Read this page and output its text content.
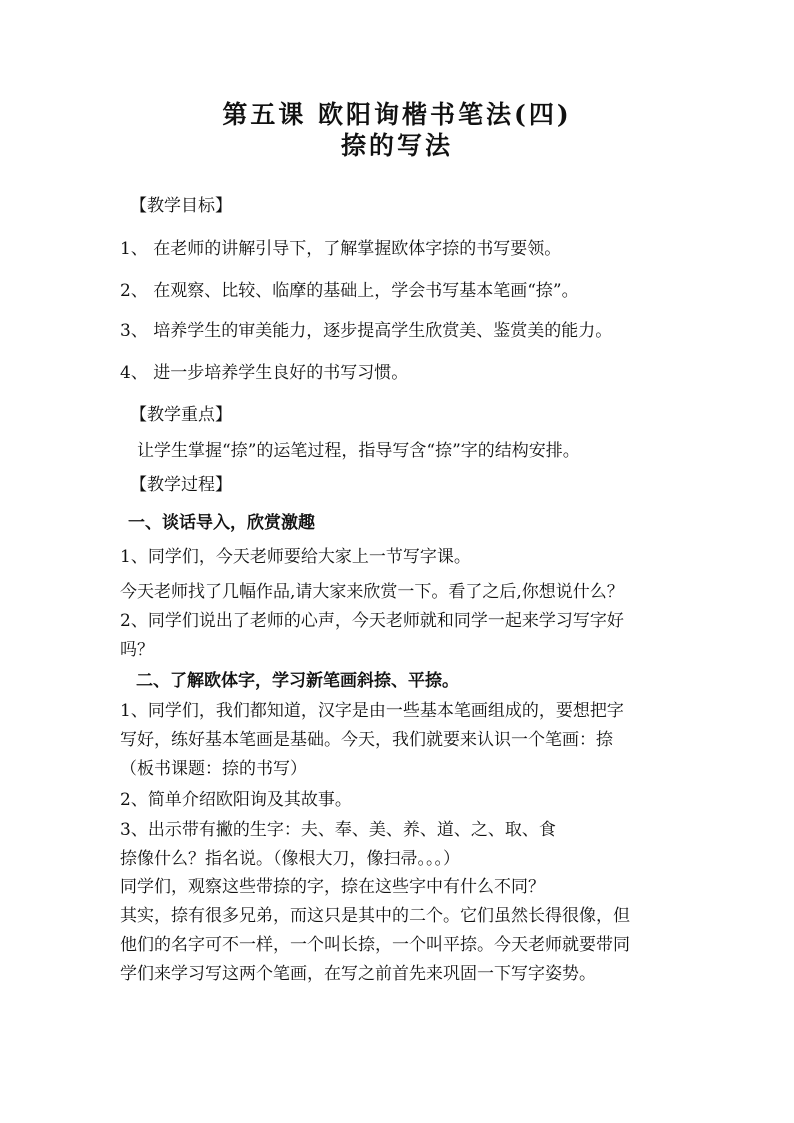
第五课 欧阳询楷书笔法(四)
捺的写法
【教学目标】
1、 在老师的讲解引导下，了解掌握欧体字捺的书写要领。
2、 在观察、比较、临摩的基础上，学会书写基本笔画“捺”。
3、 培养学生的审美能力，逐步提高学生欣赏美、鉴赏美的能力。
4、 进一步培养学生良好的书写习惯。
【教学重点】
让学生掌握“捺”的运笔过程，指导写含“捺”字的结构安排。
【教学过程】
一、谈话导入，欣赏激趣
1、同学们，今天老师要给大家上一节写字课。
今天老师找了几幅作品,请大家来欣赏一下。看了之后,你想说什么？
2、同学们说出了老师的心声，今天老师就和同学一起来学习写字好
吗？
二、了解欧体字，学习新笔画斜捺、平捺。
1、同学们，我们都知道，汉字是由一些基本笔画组成的，要想把字
写好，练好基本笔画是基础。今天，我们就要来认识一个笔画：捺
（板书课题：捺的书写）
2、简单介绍欧阳询及其故事。
3、出示带有撇的生字：夫、奉、美、养、道、之、取、食
捺像什么？指名说。（像根大刀，像扫帚。。。）
同学们，观察这些带捺的字，捺在这些字中有什么不同？
其实，捺有很多兄弟，而这只是其中的二个。它们虽然长得很像，但
他们的名字可不一样，一个叫长捺，一个叫平捺。今天老师就要带同
学们来学习写这两个笔画，在写之前首先来巩固一下写字姿势。
